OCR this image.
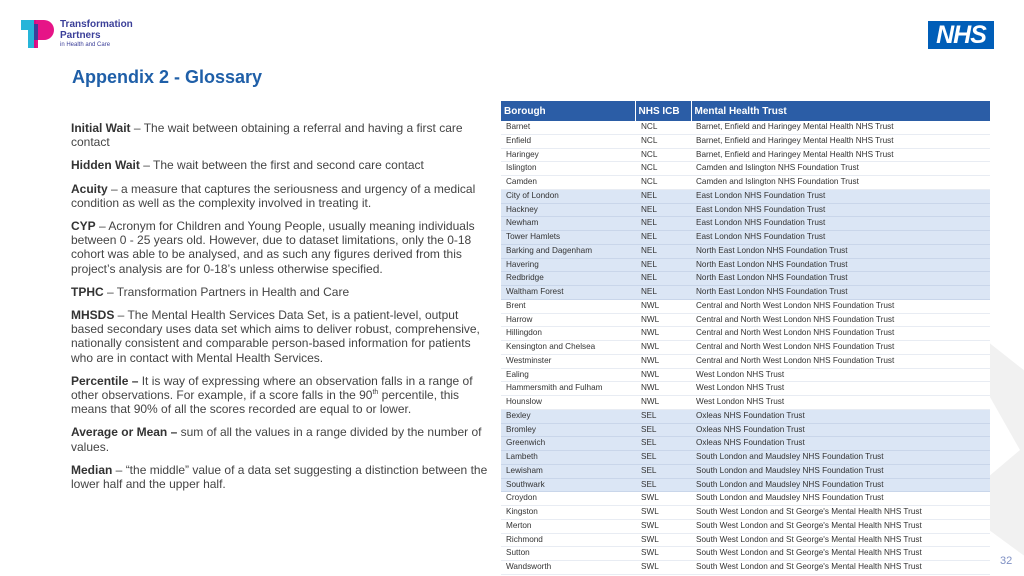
Transformation
Partners
in Health and Care	NHS
Appendix 2 - Glossary

Initial Wait – The wait between obtaining a referral and having a first care contact

Hidden Wait – The wait between the first and second care contact

Acuity – a measure that captures the seriousness and urgency of a medical condition as well as the complexity involved in treating it.

CYP – Acronym for Children and Young People, usually meaning individuals between 0 - 25 years old. However, due to dataset limitations, only the 0-18 cohort was able to be analysed, and as such any figures derived from this project’s analysis are for 0-18’s unless otherwise specified.

TPHC – Transformation Partners in Health and Care

MHSDS – The Mental Health Services Data Set, is a patient-level, output based secondary uses data set which aims to deliver robust, comprehensive, nationally consistent and comparable person-based information for patients who are in contact with Mental Health Services.

Percentile – It is way of expressing where an observation falls in a range of other observations. For example, if a score falls in the 90th percentile, this means that 90% of all the scores recorded are equal to or lower.

Average or Mean – sum of all the values in a range divided by the number of values.

Median – “the middle” value of a data set suggesting a distinction between the lower half and the upper half.

Borough	NHS ICB	Mental Health Trust
Barnet	NCL	Barnet, Enfield and Haringey Mental Health NHS Trust
Enfield	NCL	Barnet, Enfield and Haringey Mental Health NHS Trust
Haringey	NCL	Barnet, Enfield and Haringey Mental Health NHS Trust
Islington	NCL	Camden and Islington NHS Foundation Trust
Camden	NCL	Camden and Islington NHS Foundation Trust
City of London	NEL	East London NHS Foundation Trust
Hackney	NEL	East London NHS Foundation Trust
Newham	NEL	East London NHS Foundation Trust
Tower Hamlets	NEL	East London NHS Foundation Trust
Barking and Dagenham	NEL	North East London NHS Foundation Trust
Havering	NEL	North East London NHS Foundation Trust
Redbridge	NEL	North East London NHS Foundation Trust
Waltham Forest	NEL	North East London NHS Foundation Trust
Brent	NWL	Central and North West London NHS Foundation Trust
Harrow	NWL	Central and North West London NHS Foundation Trust
Hillingdon	NWL	Central and North West London NHS Foundation Trust
Kensington and Chelsea	NWL	Central and North West London NHS Foundation Trust
Westminster	NWL	Central and North West London NHS Foundation Trust
Ealing	NWL	West London NHS Trust
Hammersmith and Fulham	NWL	West London NHS Trust
Hounslow	NWL	West London NHS Trust
Bexley	SEL	Oxleas NHS Foundation Trust
Bromley	SEL	Oxleas NHS Foundation Trust
Greenwich	SEL	Oxleas NHS Foundation Trust
Lambeth	SEL	South London and Maudsley NHS Foundation Trust
Lewisham	SEL	South London and Maudsley NHS Foundation Trust
Southwark	SEL	South London and Maudsley NHS Foundation Trust
Croydon	SWL	South London and Maudsley NHS Foundation Trust
Kingston	SWL	South West London and St George's Mental Health NHS Trust
Merton	SWL	South West London and St George's Mental Health NHS Trust
Richmond	SWL	South West London and St George's Mental Health NHS Trust
Sutton	SWL	South West London and St George's Mental Health NHS Trust
Wandsworth	SWL	South West London and St George's Mental Health NHS Trust	32
